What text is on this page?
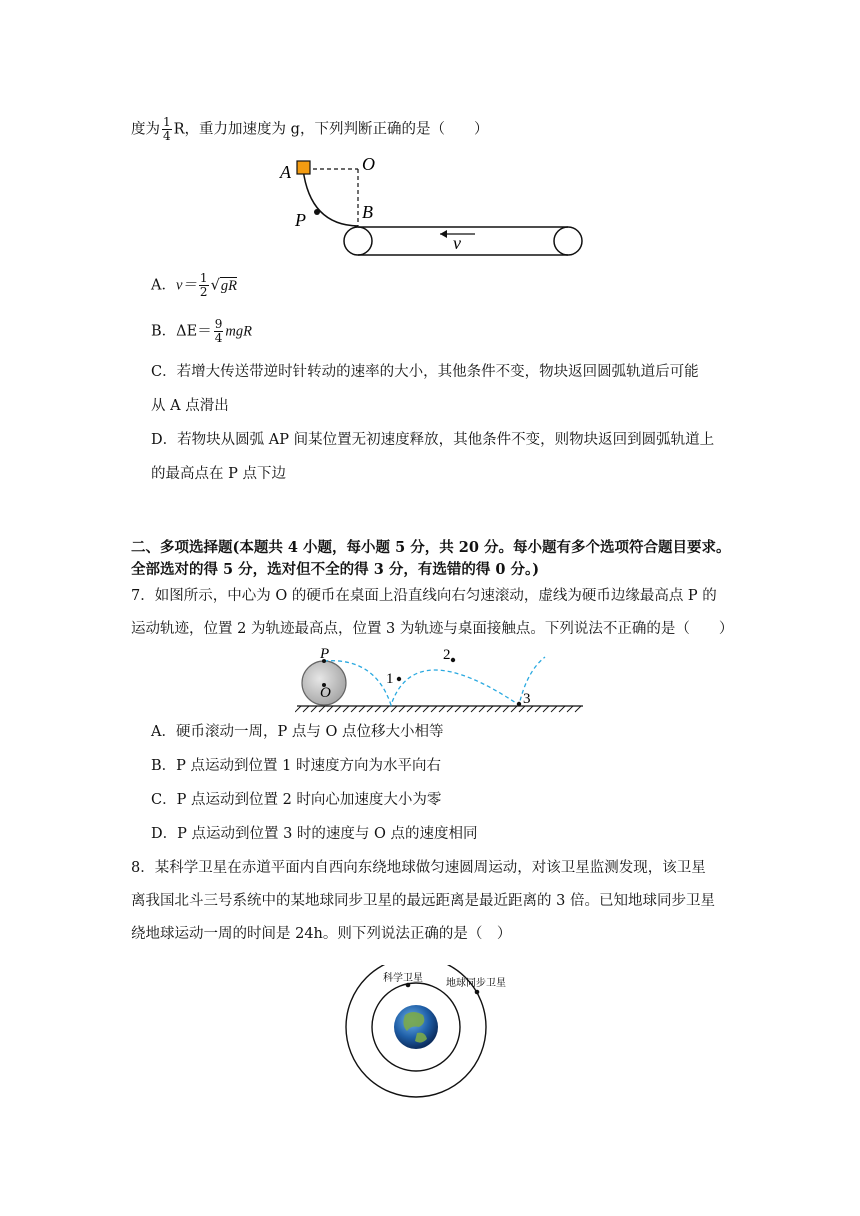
度为 $\frac{1}{4}$ R，重力加速度为 g，下列判断正确的是（　　）
A	O
P	B
v
A．$v= \frac{1}{2} √gR$
B．$\Delta E= \frac{9}{4}$ mgR
C．若增大传送带逆时针转动的速率的大小，其他条件不变，物块返回圆弧轨道后可能
从 A 点滑出
D．若物块从圆弧 AP 间某位置无初速度释放，其他条件不变，则物块返回到圆弧轨道上
的最高点在 P 点下边
二、多项选择题(本题共 4 小题，每小题 5 分，共 20 分。每小题有多个选项符合题目要求。
全部选对的得 5 分，选对但不全的得 3 分，有选错的得 0 分。)
7．如图所示，中心为 O 的硬币在桌面上沿直线向右匀速滚动，虚线为硬币边缘最高点 P 的
运动轨迹，位置 2 为轨迹最高点，位置 3 为轨迹与桌面接触点。下列说法不正确的是（　　）
P
O
1
2
3
A．硬币滚动一周，P 点与 O 点位移大小相等
B．P 点运动到位置 1 时速度方向为水平向右
C．P 点运动到位置 2 时向心加速度大小为零
D．P 点运动到位置 3 时的速度与 O 点的速度相同
8．某科学卫星在赤道平面内自西向东绕地球做匀速圆周运动，对该卫星监测发现，该卫星
离我国北斗三号系统中的某地球同步卫星的最远距离是最近距离的 3 倍。已知地球同步卫星
绕地球运动一周的时间是 24h。则下列说法正确的是（　）
科学卫星 地球同步卫星
